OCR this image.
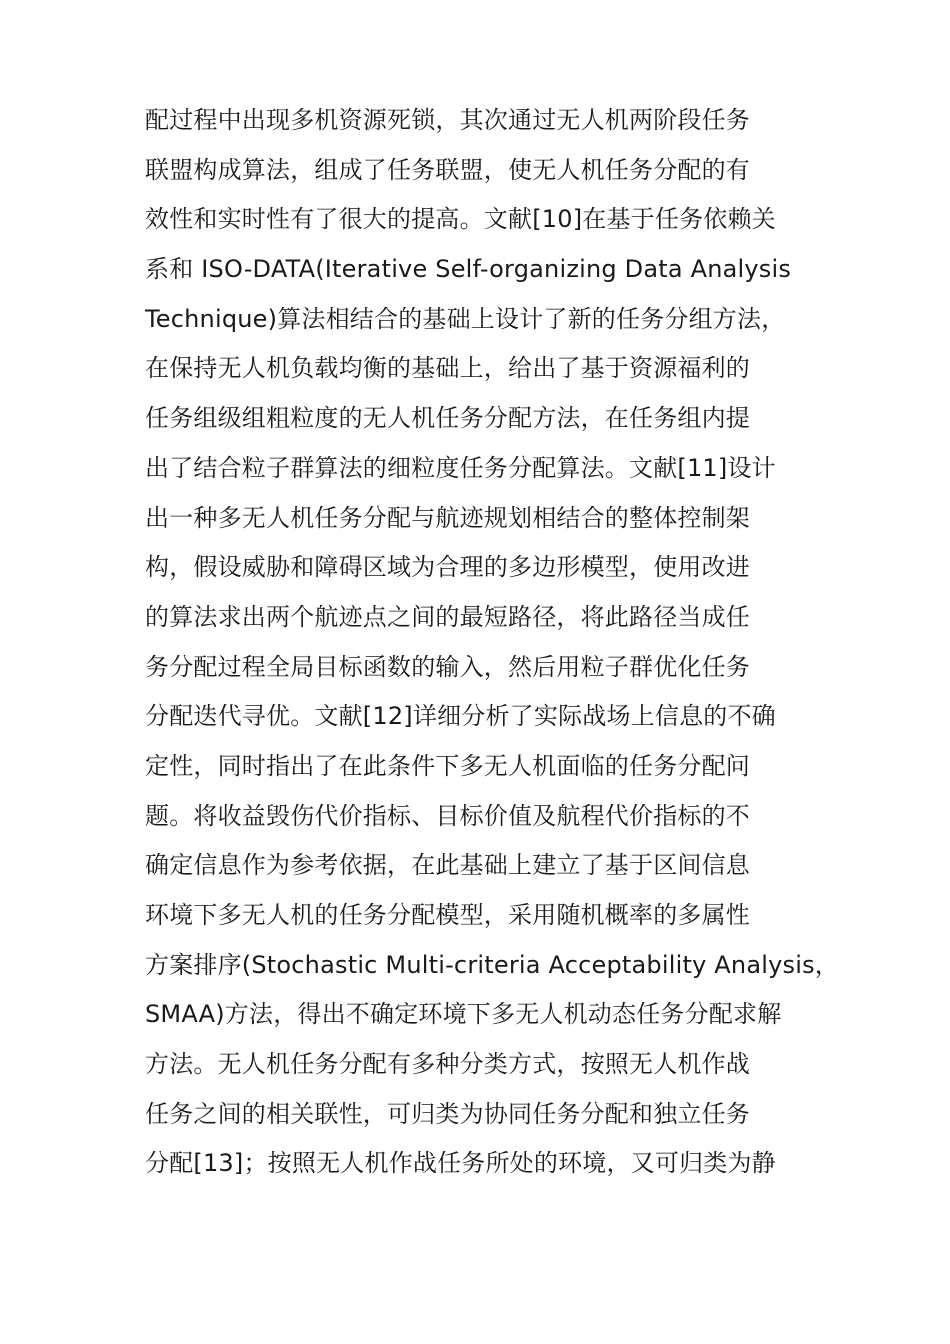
配过程中出现多机资源死锁，其次通过无人机两阶段任务
联盟构成算法，组成了任务联盟，使无人机任务分配的有
效性和实时性有了很大的提高。文献[10]在基于任务依赖关
系和 ISO-DATA(Iterative Self-organizing Data Analysis
Technique)算法相结合的基础上设计了新的任务分组方法，
在保持无人机负载均衡的基础上，给出了基于资源福利的
任务组级组粗粒度的无人机任务分配方法，在任务组内提
出了结合粒子群算法的细粒度任务分配算法。文献[11]设计
出一种多无人机任务分配与航迹规划相结合的整体控制架
构，假设威胁和障碍区域为合理的多边形模型，使用改进
的算法求出两个航迹点之间的最短路径，将此路径当成任
务分配过程全局目标函数的输入，然后用粒子群优化任务
分配迭代寻优。文献[12]详细分析了实际战场上信息的不确
定性，同时指出了在此条件下多无人机面临的任务分配问
题。将收益毁伤代价指标、目标价值及航程代价指标的不
确定信息作为参考依据，在此基础上建立了基于区间信息
环境下多无人机的任务分配模型，采用随机概率的多属性
方案排序(Stochastic Multi-criteria Acceptability Analysis，
SMAA)方法，得出不确定环境下多无人机动态任务分配求解
方法。无人机任务分配有多种分类方式，按照无人机作战
任务之间的相关联性，可归类为协同任务分配和独立任务
分配[13]；按照无人机作战任务所处的环境，又可归类为静
